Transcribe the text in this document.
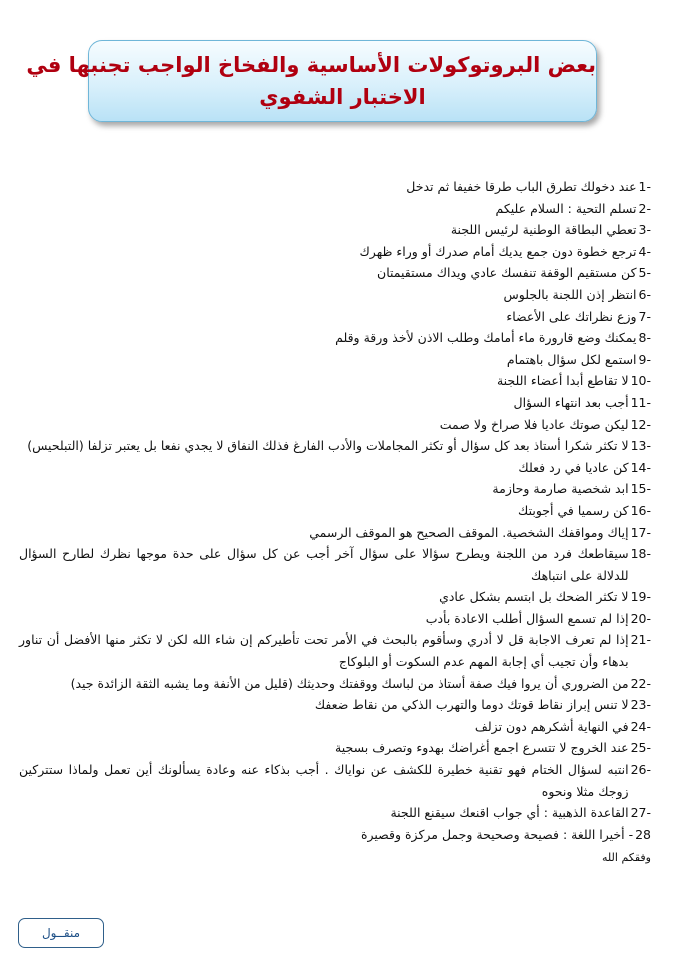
بعض البروتوكولات الأساسية والفخاخ الواجب تجنبها في
الاختبار الشفوي
1-
عند دخولك تطرق الباب طرقا خفيفا ثم تدخل
2-
تسلم التحية : السلام عليكم
3-
تعطي البطاقة الوطنية لرئيس اللجنة
4-
ترجع خطوة دون جمع يديك أمام صدرك أو وراء ظهرك
5-
كن مستقيم الوقفة تنفسك عادي ويداك مستقيمتان
6-
انتظر إذن اللجنة بالجلوس
7-
وزع نظراتك على الأعضاء
8-
يمكنك وضع قارورة ماء أمامك وطلب الاذن لأخذ ورقة وقلم
9-
استمع لكل سؤال باهتمام
10-
لا تقاطع أبدا أعضاء اللجنة
11-
أجب بعد انتهاء السؤال
12-
ليكن صوتك عاديا فلا صراخ ولا صمت
13-
لا تكثر شكرا أستاذ بعد كل سؤال أو تكثر المجاملات والأدب الفارغ فذلك النفاق لا يجدي نفعا بل يعتبر تزلفا (التبلحيس)
14-
كن عاديا في رد فعلك
15-
ابد شخصية صارمة وحازمة
16-
كن رسميا في أجوبتك
17-
إياك ومواقفك الشخصية. الموقف الصحيح هو الموقف الرسمي
18-
سيقاطعك فرد من اللجنة ويطرح سؤالا على سؤال آخر أجب عن كل سؤال على حدة موجها نظرك لطارح السؤال للدلالة على انتباهك
19-
لا تكثر الضحك بل ابتسم بشكل عادي
20-
إذا لم تسمع السؤال أطلب الاعادة بأدب
21-
إذا لم تعرف الاجابة قل لا أدري وسأقوم بالبحث في الأمر تحت تأطيركم إن شاء الله لكن لا تكثر منها الأفضل أن تناور بدهاء وأن تجيب أي إجابة المهم عدم السكوت أو البلوكاج
22-
من الضروري أن يروا فيك صفة أستاذ من لباسك ووقفتك وحديثك (قليل من الأنفة وما يشبه الثقة الزائدة جيد)
23-
لا تنس إبراز نقاط قوتك دوما والتهرب الذكي من نقاط ضعفك
24-
في النهاية أشكرهم دون تزلف
25-
عند الخروج لا تتسرع اجمع أغراضك بهدوء وتصرف بسجية
26-
انتبه لسؤال الختام فهو تقنية خطيرة للكشف عن نواياك . أجب بذكاء عنه وعادة يسألونك أين تعمل ولماذا ستتركين زوجك مثلا ونحوه
27-
القاعدة الذهبية : أي جواب اقنعك سيقنع اللجنة
28
- أخيرا اللغة : فصيحة وصحيحة وجمل مركزة وقصيرة
وفقكم الله
منقــول
